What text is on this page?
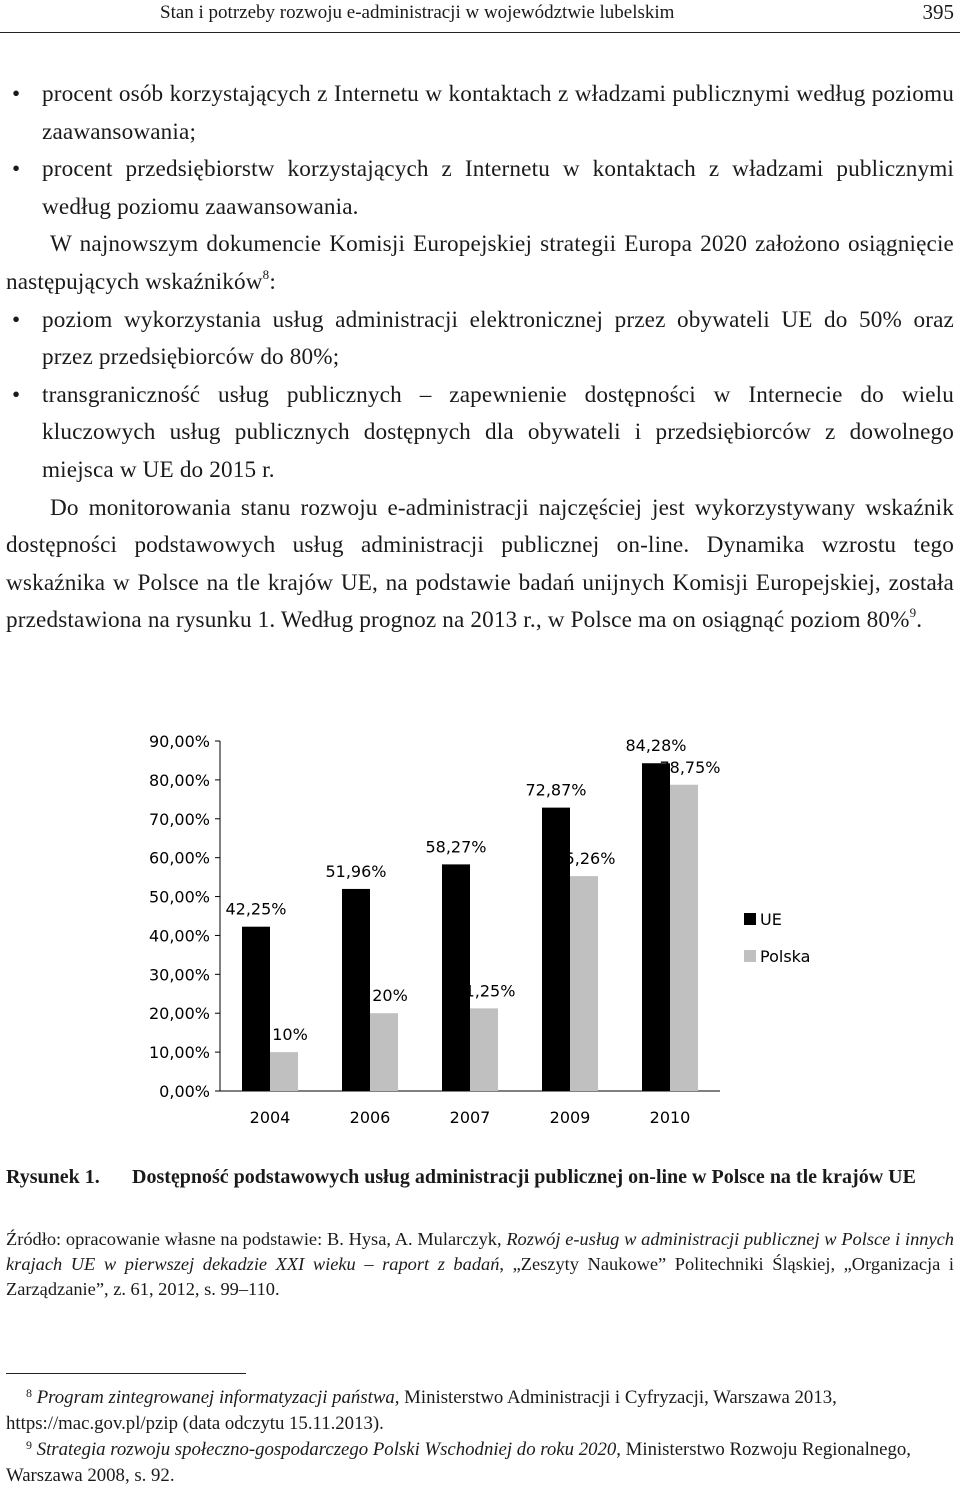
Stan i potrzeby rozwoju e-administracji w województwie lubelskim	395
• procent osób korzystających z Internetu w kontaktach z władzami publicznymi według poziomu zaawansowania;
• procent przedsiębiorstw korzystających z Internetu w kontaktach z władzami publicznymi według poziomu zaawansowania.
W najnowszym dokumencie Komisji Europejskiej strategii Europa 2020 założono osiągnięcie następujących wskaźników$^8$:
• poziom wykorzystania usług administracji elektronicznej przez obywateli UE do 50% oraz przez przedsiębiorców do 80%;
• transgraniczność usług publicznych – zapewnienie dostępności w Internecie do wielu kluczowych usług publicznych dostępnych dla obywateli i przedsiębiorców z dowolnego miejsca w UE do 2015 r.
Do monitorowania stanu rozwoju e-administracji najczęściej jest wykorzystywany wskaźnik dostępności podstawowych usług administracji publicznej on-line. Dynamika wzrostu tego wskaźnika w Polsce na tle krajów UE, na podstawie badań unijnych Komisji Europejskiej, została przedstawiona na rysunku 1. Według prognoz na 2013 r., w Polsce ma on osiągnąć poziom 80%$^9$.
0,00%
10,00%
20,00%
30,00%
40,00%
50,00%
60,00%
70,00%
80,00%
90,00%
2004	2006	2007	2009	2010
42,25%
10%
51,96%
20%
58,27%
1,25%
72,87%
5,26%
84,28%
78,75%
UE
Polska
Rysunek 1. Dostępność podstawowych usług administracji publicznej on-line w Polsce na tle krajów UE
Źródło: opracowanie własne na podstawie: B. Hysa, A. Mularczyk, Rozwój e-usług w administracji publicznej w Polsce i innych krajach UE w pierwszej dekadzie XXI wieku – raport z badań, „Zeszyty Naukowe” Politechniki Śląskiej, „Organizacja i Zarządzanie”, z. 61, 2012, s. 99–110.
$^8$ Program zintegrowanej informatyzacji państwa, Ministerstwo Administracji i Cyfryzacji, Warszawa 2013, https://mac.gov.pl/pzip (data odczytu 15.11.2013).
$^9$ Strategia rozwoju społeczno-gospodarczego Polski Wschodniej do roku 2020, Ministerstwo Rozwoju Regionalnego, Warszawa 2008, s. 92.
